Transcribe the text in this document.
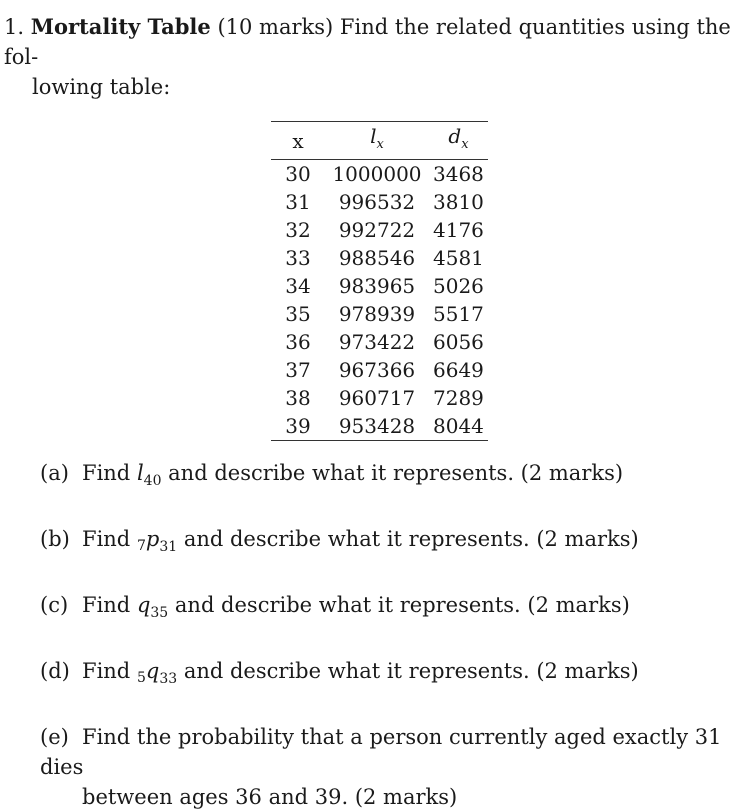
1. Mortality Table (10 marks) Find the related quantities using the fol-
lowing table:
x	$l_x$	$d_x$
30	1000000	3468
31	996532	3810
32	992722	4176
33	988546	4581
34	983965	5026
35	978939	5517
36	973422	6056
37	967366	6649
38	960717	7289
39	953428	8044
(a) Find $l_{40}$ and describe what it represents. (2 marks)
(b) Find $7p_{31}$ and describe what it represents. (2 marks)
(c) Find $q_{35}$ and describe what it represents. (2 marks)
(d) Find $5q_{33}$ and describe what it represents. (2 marks)
(e) Find the probability that a person currently aged exactly 31 dies
between ages 36 and 39. (2 marks)
